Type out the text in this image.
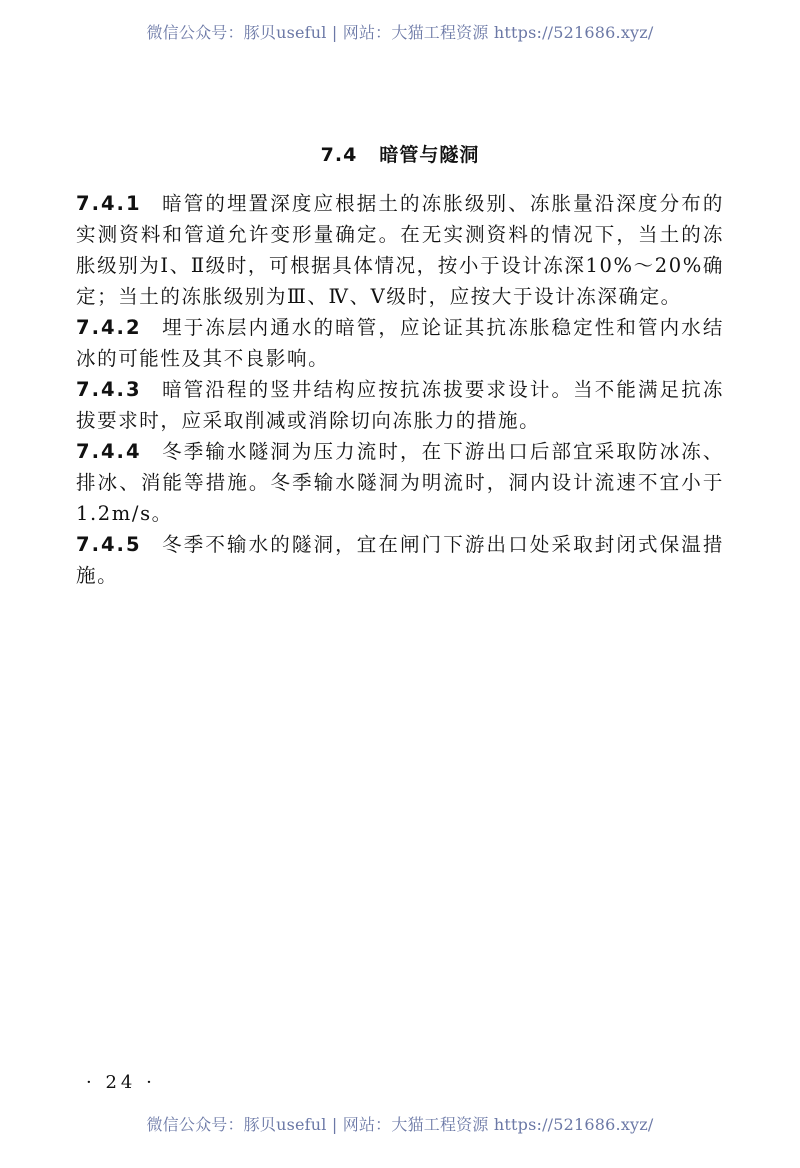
微信公众号：豚贝useful | 网站：大猫工程资源 https://521686.xyz/
7.4 暗管与隧洞

7.4.1 暗管的埋置深度应根据土的冻胀级别、冻胀量沿深度分布的实测资料和管道允许变形量确定。在无实测资料的情况下，当土的冻胀级别为Ⅰ、Ⅱ级时，可根据具体情况，按小于设计冻深10%～20%确定；当土的冻胀级别为Ⅲ、Ⅳ、Ⅴ级时，应按大于设计冻深确定。

7.4.2 埋于冻层内通水的暗管，应论证其抗冻胀稳定性和管内水结冰的可能性及其不良影响。

7.4.3 暗管沿程的竖井结构应按抗冻拔要求设计。当不能满足抗冻拔要求时，应采取削减或消除切向冻胀力的措施。

7.4.4 冬季输水隧洞为压力流时，在下游出口后部宜采取防冰冻、排冰、消能等措施。冬季输水隧洞为明流时，洞内设计流速不宜小于1.2m/s。

7.4.5 冬季不输水的隧洞，宜在闸门下游出口处采取封闭式保温措施。

· 24 ·
微信公众号：豚贝useful | 网站：大猫工程资源 https://521686.xyz/
